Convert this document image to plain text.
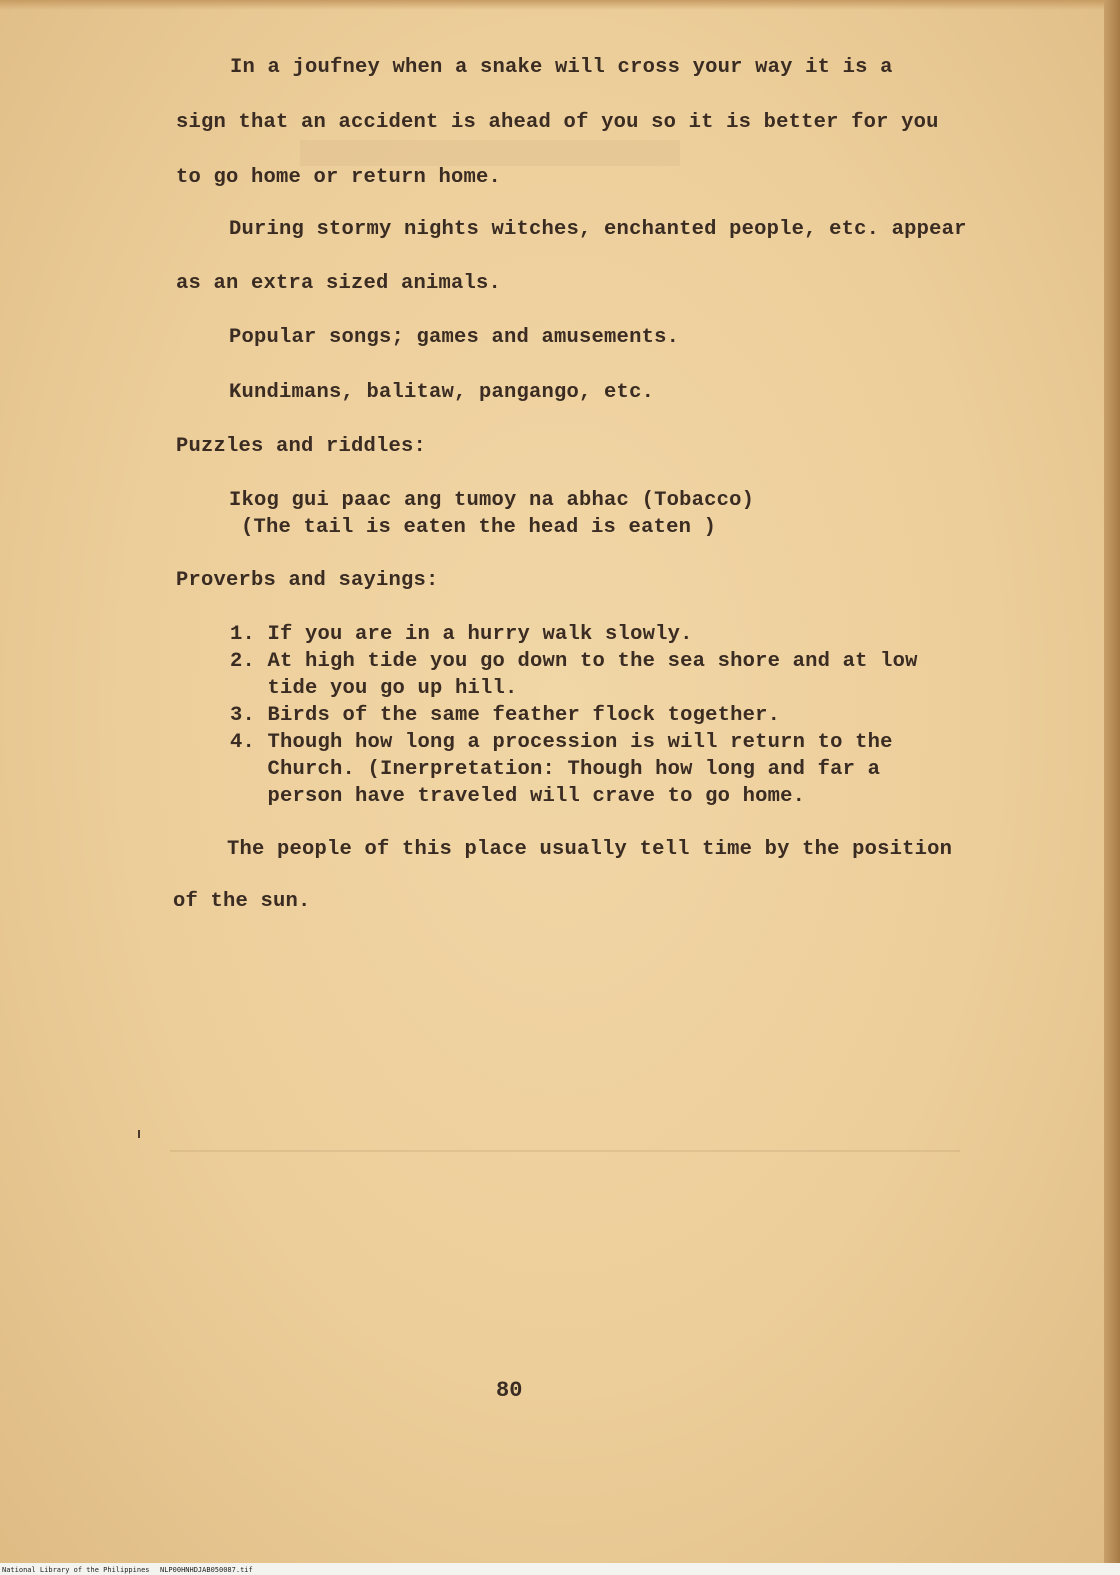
In a joufney when a snake will cross your way it is a
sign that an accident is ahead of you so it is better for you
to go home or return home.
During stormy nights witches, enchanted people, etc. appear
as an extra sized animals.
Popular songs; games and amusements.
Kundimans, balitaw, pangango, etc.
Puzzles and riddles:
Ikog gui paac ang tumoy na abhac (Tobacco)
(The tail is eaten the head is eaten )
Proverbs and sayings:
1. If you are in a hurry walk slowly.
2. At high tide you go down to the sea shore and at low
tide you go up hill.
3. Birds of the same feather flock together.
4. Though how long a procession is will return to the
Church. (Inerpretation: Though how long and far a
person have traveled will crave to go home.
The people of this place usually tell time by the position
of the sun.
80
National Library of the Philippines NLP00HNHDJAB050087.tif
